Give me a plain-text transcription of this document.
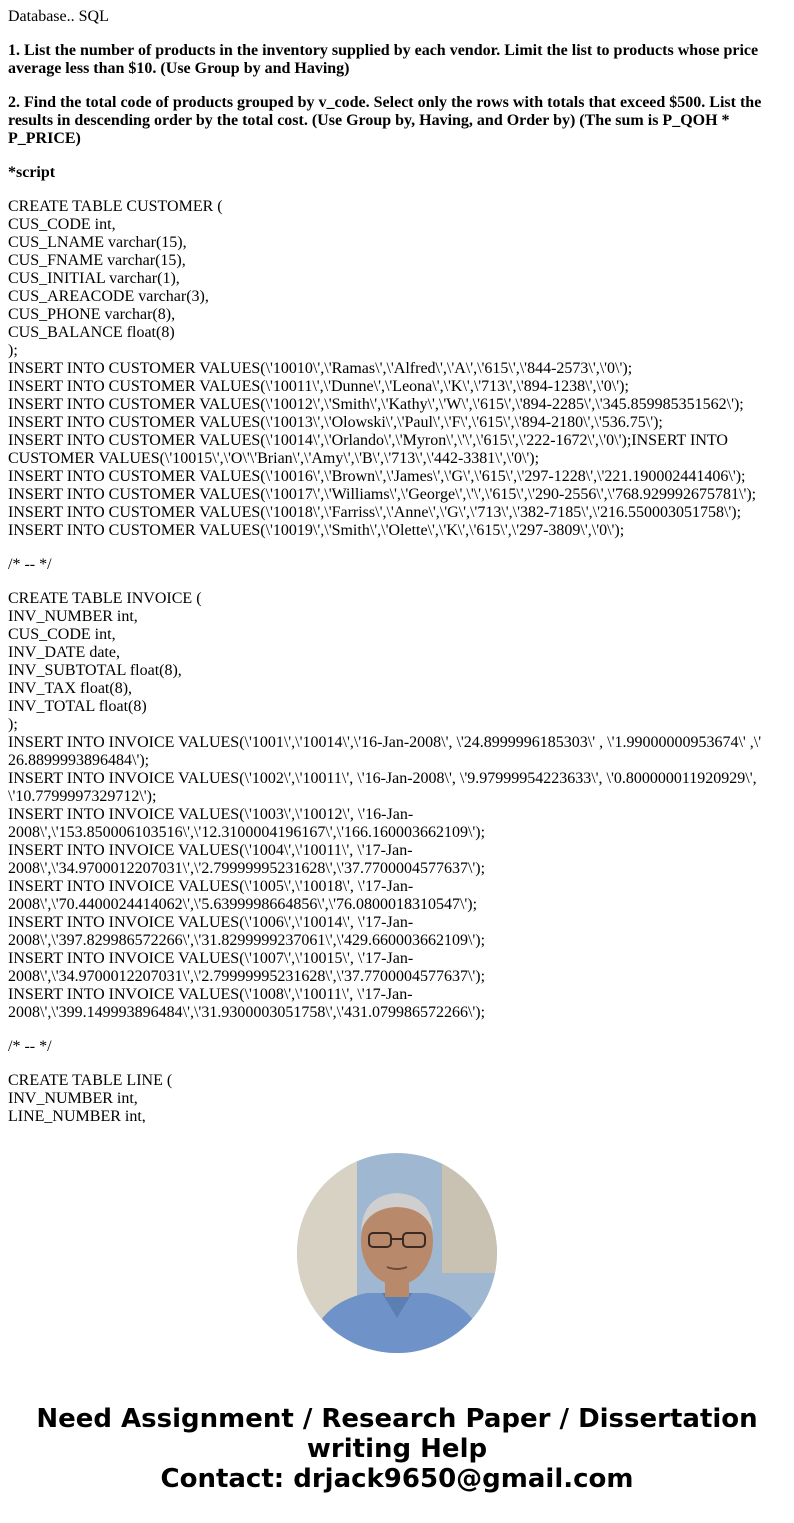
Database.. SQL

1. List the number of products in the inventory supplied by each vendor. Limit the list to products whose price average less than $10. (Use Group by and Having)

2. Find the total code of products grouped by v_code. Select only the rows with totals that exceed $500. List the results in descending order by the total cost. (Use Group by, Having, and Order by) (The sum is P_QOH * P_PRICE)

*script

CREATE TABLE CUSTOMER (
CUS_CODE int,
CUS_LNAME varchar(15),
CUS_FNAME varchar(15),
CUS_INITIAL varchar(1),
CUS_AREACODE varchar(3),
CUS_PHONE varchar(8),
CUS_BALANCE float(8)
);
INSERT INTO CUSTOMER VALUES(\'10010\',\'Ramas\',\'Alfred\',\'A\',\'615\',\'844-2573\',\'0\');
INSERT INTO CUSTOMER VALUES(\'10011\',\'Dunne\',\'Leona\',\'K\',\'713\',\'894-1238\',\'0\');
INSERT INTO CUSTOMER VALUES(\'10012\',\'Smith\',\'Kathy\',\'W\',\'615\',\'894-2285\',\'345.859985351562\');
INSERT INTO CUSTOMER VALUES(\'10013\',\'Olowski\',\'Paul\',\'F\',\'615\',\'894-2180\',\'536.75\');
INSERT INTO CUSTOMER VALUES(\'10014\',\'Orlando\',\'Myron\',\'\',\'615\',\'222-1672\',\'0\');INSERT INTO CUSTOMER VALUES(\'10015\',\'O\'\'Brian\',\'Amy\',\'B\',\'713\',\'442-3381\',\'0\');
INSERT INTO CUSTOMER VALUES(\'10016\',\'Brown\',\'James\',\'G\',\'615\',\'297-1228\',\'221.190002441406\');
INSERT INTO CUSTOMER VALUES(\'10017\',\'Williams\',\'George\',\'\',\'615\',\'290-2556\',\'768.929992675781\');
INSERT INTO CUSTOMER VALUES(\'10018\',\'Farriss\',\'Anne\',\'G\',\'713\',\'382-7185\',\'216.550003051758\');
INSERT INTO CUSTOMER VALUES(\'10019\',\'Smith\',\'Olette\',\'K\',\'615\',\'297-3809\',\'0\');

/* -- */

CREATE TABLE INVOICE (
INV_NUMBER int,
CUS_CODE int,
INV_DATE date,
INV_SUBTOTAL float(8),
INV_TAX float(8),
INV_TOTAL float(8)
);
INSERT INTO INVOICE VALUES(\'1001\',\'10014\',\'16-Jan-2008\', \'24.8999996185303\' , \'1.99000000953674\' ,\' 26.8899993896484\');
INSERT INTO INVOICE VALUES(\'1002\',\'10011\', \'16-Jan-2008\', \'9.97999954223633\', \'0.800000011920929\', \'10.7799997329712\');
INSERT INTO INVOICE VALUES(\'1003\',\'10012\', \'16-Jan-2008\',\'153.850006103516\',\'12.3100004196167\',\'166.160003662109\');
INSERT INTO INVOICE VALUES(\'1004\',\'10011\', \'17-Jan-2008\',\'34.9700012207031\',\'2.79999995231628\',\'37.7700004577637\');
INSERT INTO INVOICE VALUES(\'1005\',\'10018\', \'17-Jan-2008\',\'70.4400024414062\',\'5.6399998664856\',\'76.0800018310547\');
INSERT INTO INVOICE VALUES(\'1006\',\'10014\', \'17-Jan-2008\',\'397.829986572266\',\'31.8299999237061\',\'429.660003662109\');
INSERT INTO INVOICE VALUES(\'1007\',\'10015\', \'17-Jan-2008\',\'34.9700012207031\',\'2.79999995231628\',\'37.7700004577637\');
INSERT INTO INVOICE VALUES(\'1008\',\'10011\', \'17-Jan-2008\',\'399.149993896484\',\'31.9300003051758\',\'431.079986572266\');

/* -- */

CREATE TABLE LINE (
INV_NUMBER int,
LINE_NUMBER int,
Need Assignment / Research Paper / Dissertation writing Help
Contact: drjack9650@gmail.com
